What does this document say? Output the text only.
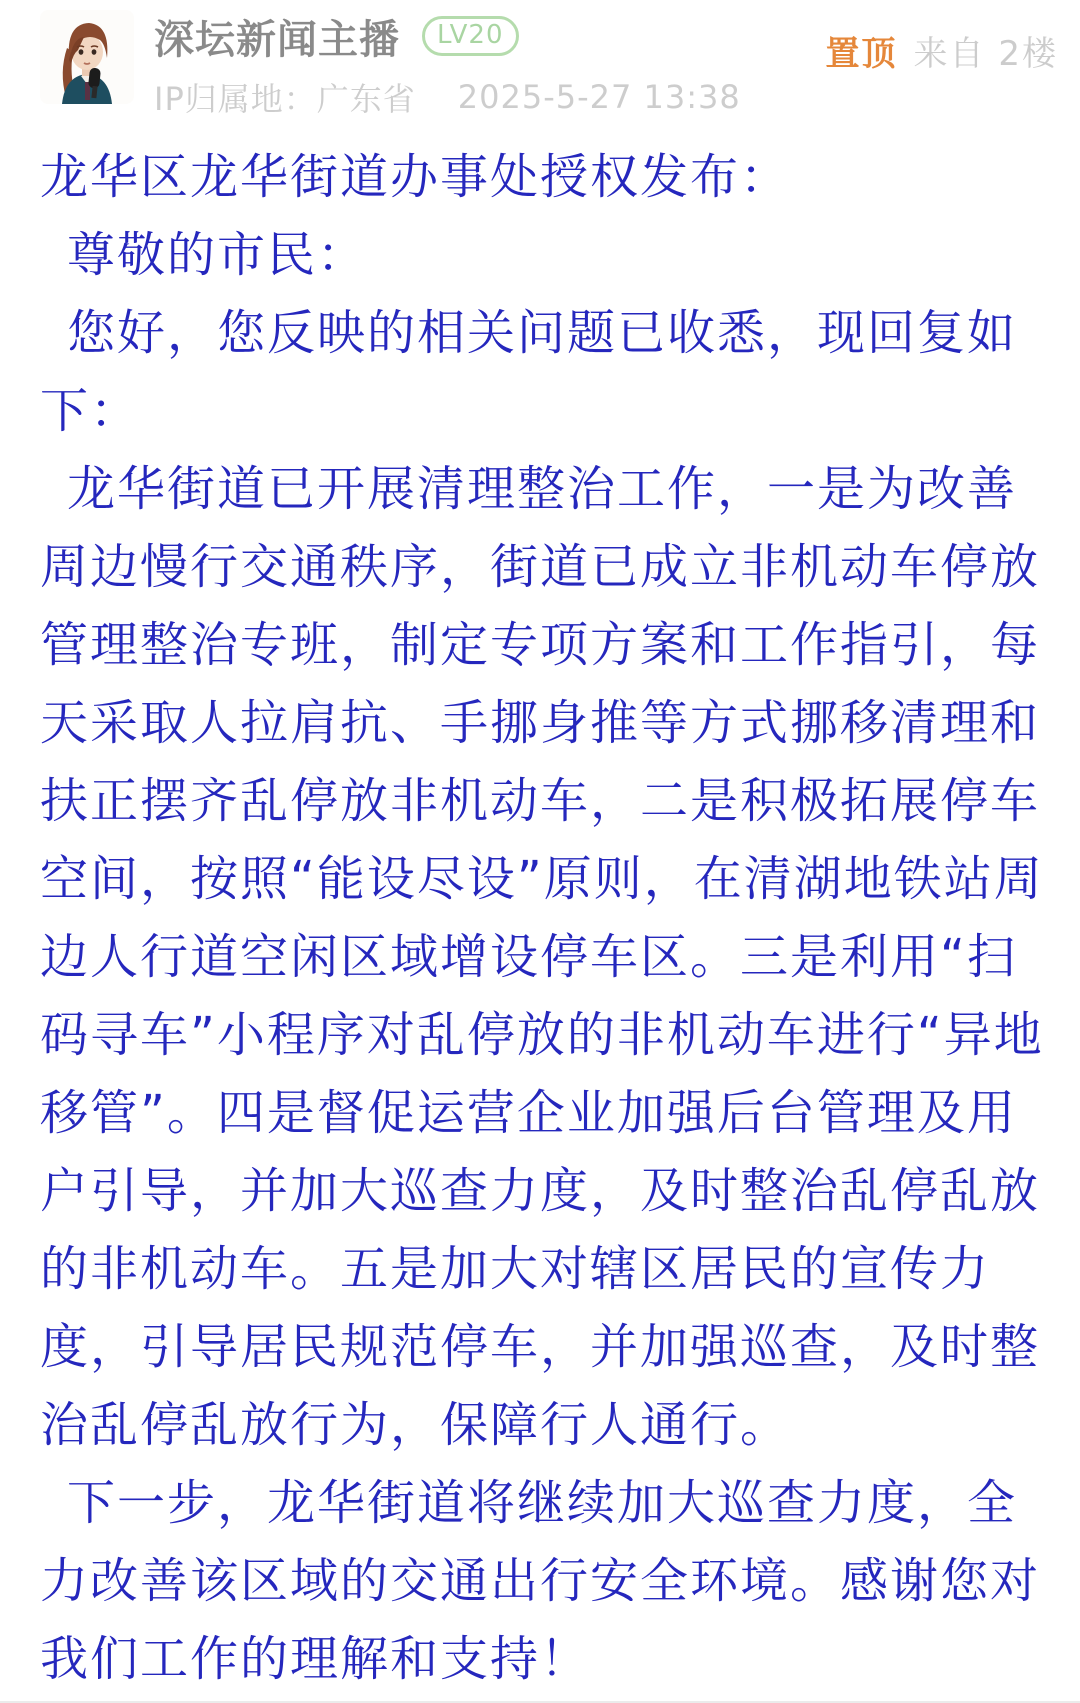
深坛新闻主播	LV20
IP归属地：广东省 2025-5-27 13:38
置顶 来自 2楼

龙华区龙华街道办事处授权发布：

尊敬的市民：

您好，您反映的相关问题已收悉，现回复如下：

龙华街道已开展清理整治工作，一是为改善周边慢行交通秩序，街道已成立非机动车停放管理整治专班，制定专项方案和工作指引，每天采取人拉肩抗、手挪身推等方式挪移清理和扶正摆齐乱停放非机动车，二是积极拓展停车空间，按照“能设尽设”原则，在清湖地铁站周边人行道空闲区域增设停车区。三是利用“扫码寻车”小程序对乱停放的非机动车进行“异地移管”。四是督促运营企业加强后台管理及用户引导，并加大巡查力度，及时整治乱停乱放的非机动车。五是加大对辖区居民的宣传力度，引导居民规范停车，并加强巡查，及时整治乱停乱放行为，保障行人通行。

下一步，龙华街道将继续加大巡查力度，全力改善该区域的交通出行安全环境。感谢您对我们工作的理解和支持！
